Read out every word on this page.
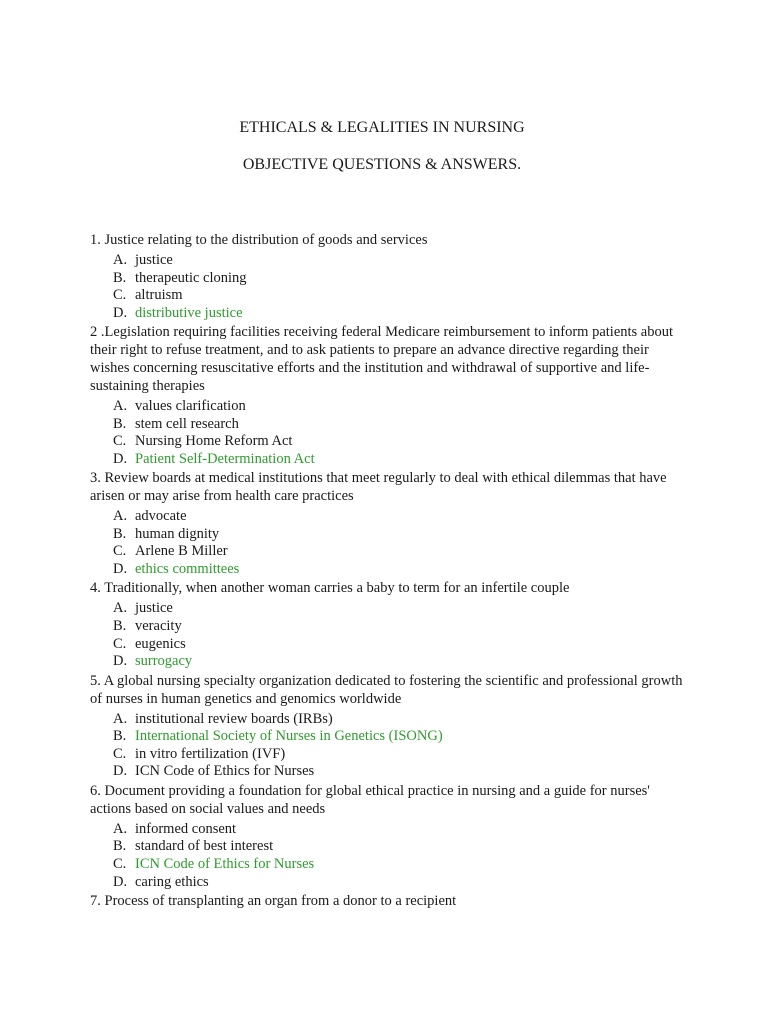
ETHICALS & LEGALITIES IN NURSING
OBJECTIVE QUESTIONS & ANSWERS.

1. Justice relating to the distribution of goods and services

A. justice
B. therapeutic cloning
C. altruism
D. distributive justice

2 .Legislation requiring facilities receiving federal Medicare reimbursement to inform patients about their right to refuse treatment, and to ask patients to prepare an advance directive regarding their wishes concerning resuscitative efforts and the institution and withdrawal of supportive and life-sustaining therapies

A. values clarification
B. stem cell research
C. Nursing Home Reform Act
D. Patient Self-Determination Act

3. Review boards at medical institutions that meet regularly to deal with ethical dilemmas that have arisen or may arise from health care practices

A. advocate
B. human dignity
C. Arlene B Miller
D. ethics committees

4. Traditionally, when another woman carries a baby to term for an infertile couple

A. justice
B. veracity
C. eugenics
D. surrogacy

5. A global nursing specialty organization dedicated to fostering the scientific and professional growth of nurses in human genetics and genomics worldwide

A. institutional review boards (IRBs)
B. International Society of Nurses in Genetics (ISONG)
C. in vitro fertilization (IVF)
D. ICN Code of Ethics for Nurses

6. Document providing a foundation for global ethical practice in nursing and a guide for nurses' actions based on social values and needs

A. informed consent
B. standard of best interest
C. ICN Code of Ethics for Nurses
D. caring ethics

7. Process of transplanting an organ from a donor to a recipient
